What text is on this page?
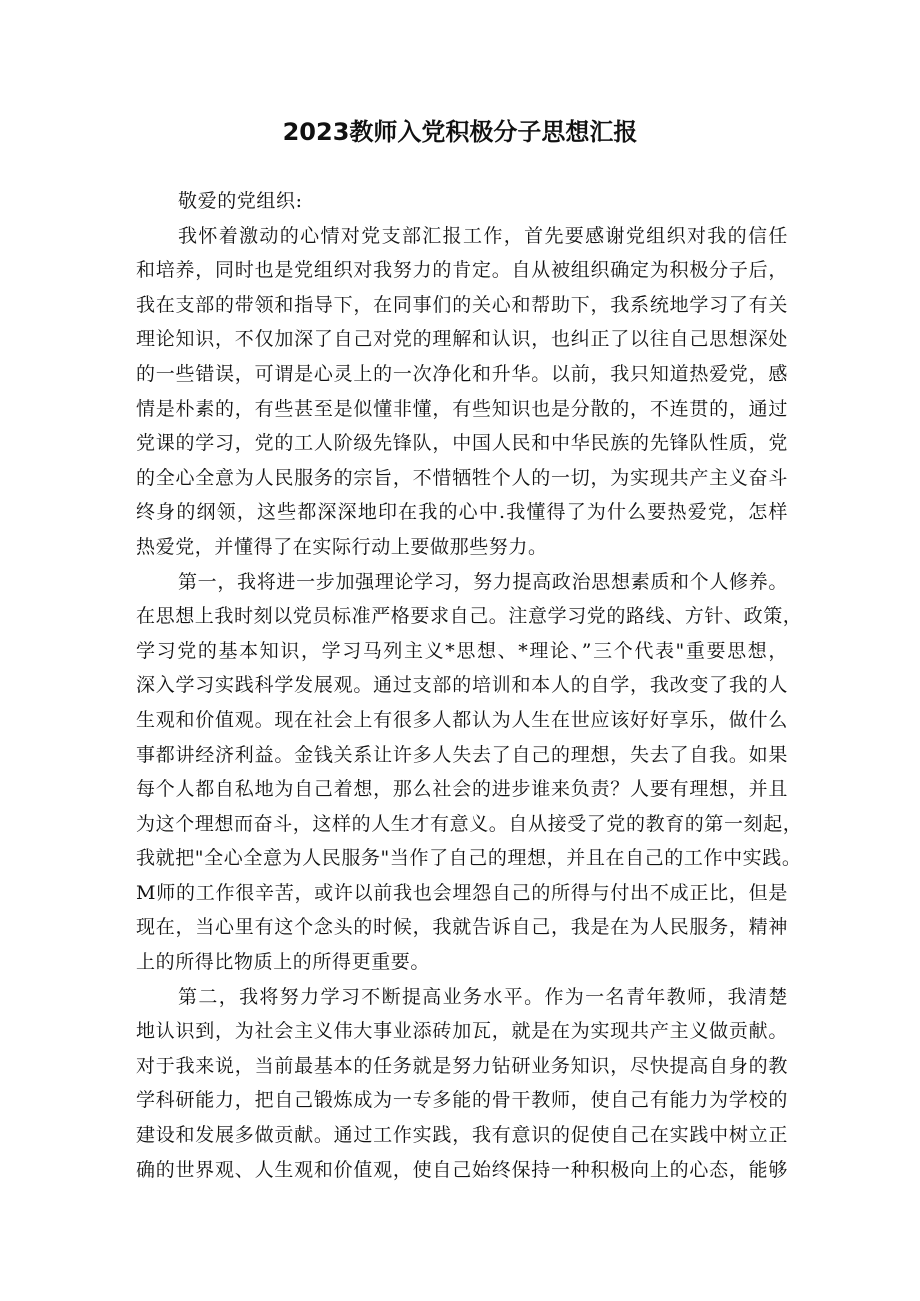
2023教师入党积极分子思想汇报
敬爱的党组织:
我怀着激动的心情对党支部汇报工作，首先要感谢党组织对我的信任
和培养，同时也是党组织对我努力的肯定。自从被组织确定为积极分子后，
我在支部的带领和指导下，在同事们的关心和帮助下，我系统地学习了有关
理论知识，不仅加深了自己对党的理解和认识，也纠正了以往自己思想深处
的一些错误，可谓是心灵上的一次净化和升华。以前，我只知道热爱党，感
情是朴素的，有些甚至是似懂非懂，有些知识也是分散的，不连贯的，通过
党课的学习，党的工人阶级先锋队，中国人民和中华民族的先锋队性质，党
的全心全意为人民服务的宗旨，不惜牺牲个人的一切，为实现共产主义奋斗
终身的纲领，这些都深深地印在我的心中.我懂得了为什么要热爱党，怎样
热爱党，并懂得了在实际行动上要做那些努力。
第一，我将进一步加强理论学习，努力提高政治思想素质和个人修养。
在思想上我时刻以党员标准严格要求自己。注意学习党的路线、方针、政策，
学习党的基本知识，学习马列主义*思想、*理论、”三个代表"重要思想，
深入学习实践科学发展观。通过支部的培训和本人的自学，我改变了我的人
生观和价值观。现在社会上有很多人都认为人生在世应该好好享乐，做什么
事都讲经济利益。金钱关系让许多人失去了自己的理想，失去了自我。如果
每个人都自私地为自己着想，那么社会的进步谁来负责？人要有理想，并且
为这个理想而奋斗，这样的人生才有意义。自从接受了党的教育的第一刻起，
我就把"全心全意为人民服务"当作了自己的理想，并且在自己的工作中实践。
M师的工作很辛苦，或许以前我也会埋怨自己的所得与付出不成正比，但是
现在，当心里有这个念头的时候，我就告诉自己，我是在为人民服务，精神
上的所得比物质上的所得更重要。
第二，我将努力学习不断提高业务水平。作为一名青年教师，我清楚
地认识到，为社会主义伟大事业添砖加瓦，就是在为实现共产主义做贡献。
对于我来说，当前最基本的任务就是努力钻研业务知识，尽快提高自身的教
学科研能力，把自己锻炼成为一专多能的骨干教师，使自己有能力为学校的
建设和发展多做贡献。通过工作实践，我有意识的促使自己在实践中树立正
确的世界观、人生观和价值观，使自己始终保持一种积极向上的心态，能够
